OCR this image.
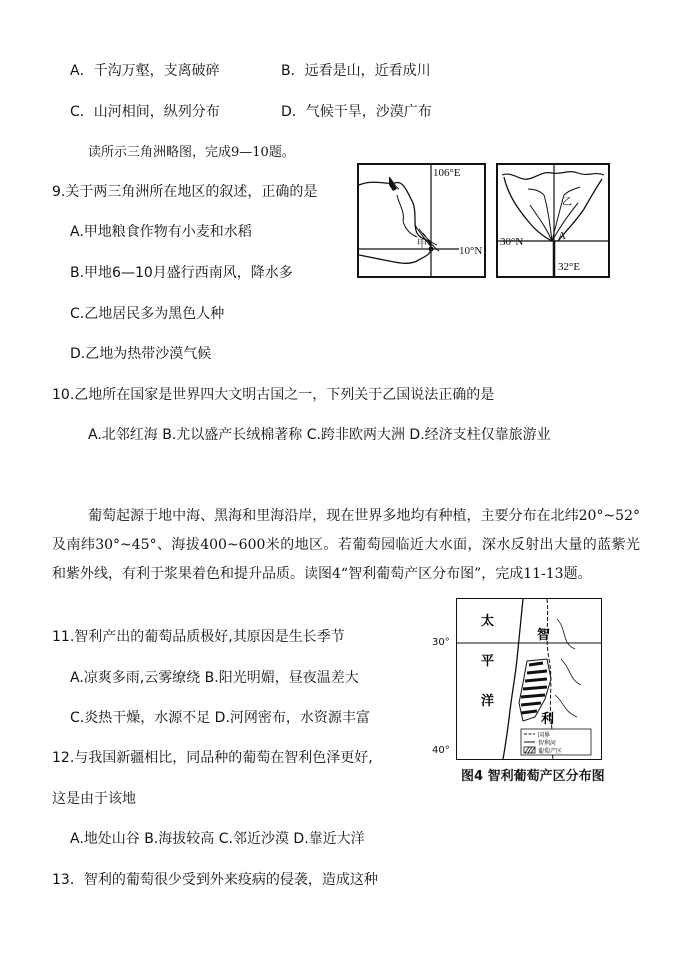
A．千沟万壑，支离破碎	B．远看是山，近看成川
C．山河相间，纵列分布	D．气候干旱，沙漠广布
读所示三角洲略图，完成9—10题。
9.关于两三角洲所在地区的叙述，正确的是
A.甲地粮食作物有小麦和水稻
B.甲地6—10月盛行西南风，降水多
C.乙地居民多为黑色人种
D.乙地为热带沙漠气候
106°E
10°N
甲	30°N
32°E
A
乙
10.乙地所在国家是世界四大文明古国之一，下列关于乙国说法正确的是
A.北邻红海 B.尤以盛产长绒棉著称 C.跨非欧两大洲 D.经济支柱仅靠旅游业
葡萄起源于地中海、黑海和里海沿岸，现在世界多地均有种植，主要分布在北纬20°~52°及南纬30°~45°、海拔400~600米的地区。若葡萄园临近大水面，深水反射出大量的蓝紫光和紫外线，有利于浆果着色和提升品质。读图4“智利葡萄产区分布图”，完成11-13题。
11.智利产出的葡萄品质极好,其原因是生长季节
A.凉爽多雨,云雾缭绕 B.阳光明媚，昼夜温差大
C.炎热干燥，水源不足 D.河网密布，水资源丰富
12.与我国新疆相比，同品种的葡萄在智利色泽更好,
这是由于该地
A.地处山谷 B.海拔较高 C.邻近沙漠 D.靠近大洋
13．智利的葡萄很少受到外来疫病的侵袭，造成这种
国界
智利河
葡萄产区
太
平
洋
智
利
30°
40°
图4 智利葡萄产区分布图
